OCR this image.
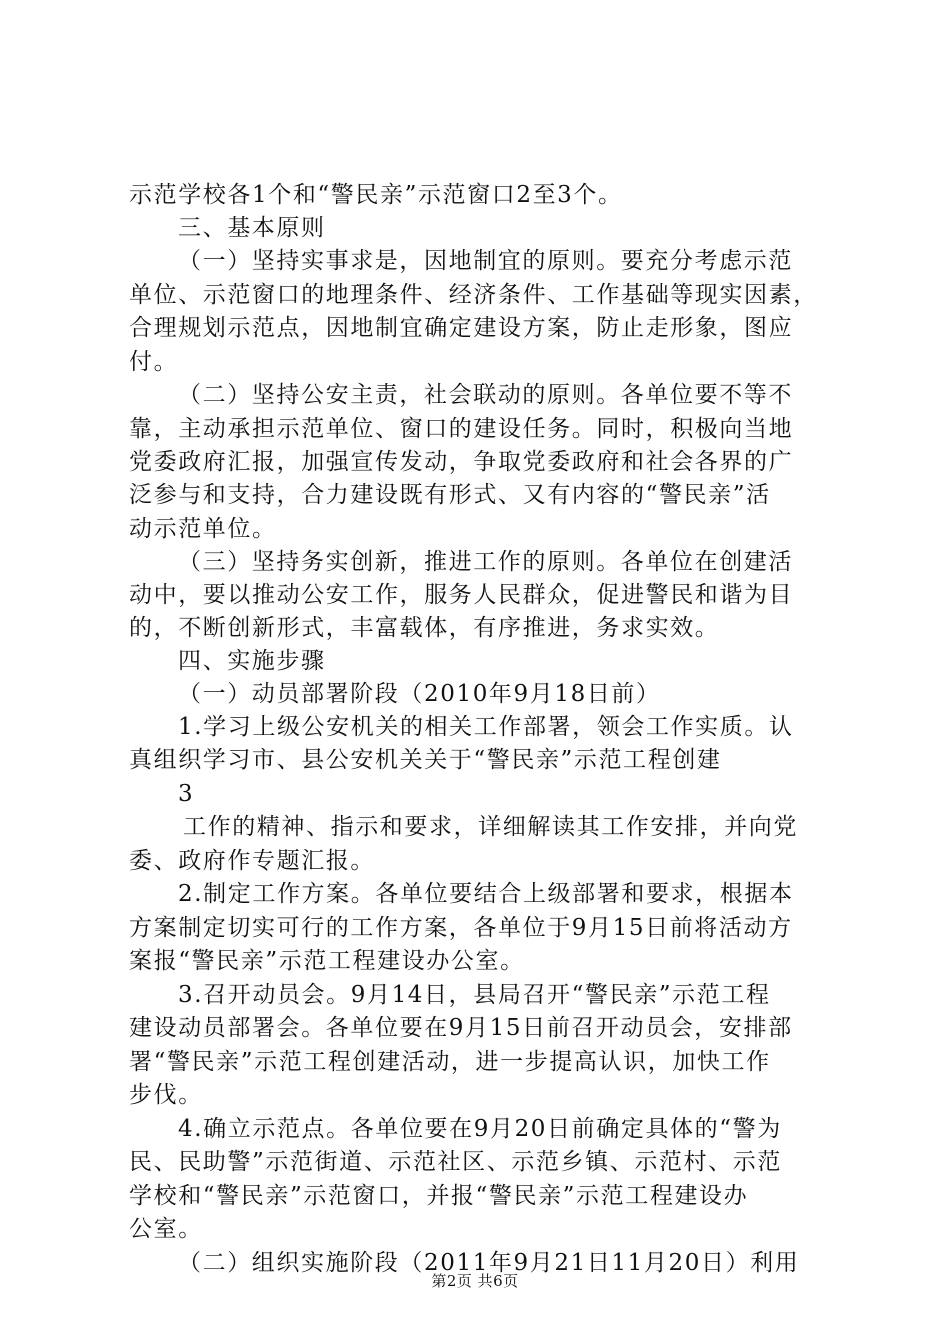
示范学校各1个和“警民亲”示范窗口2至3个。
三、基本原则
（一）坚持实事求是，因地制宜的原则。要充分考虑示范
单位、示范窗口的地理条件、经济条件、工作基础等现实因素，
合理规划示范点，因地制宜确定建设方案，防止走形象，图应
付。
（二）坚持公安主责，社会联动的原则。各单位要不等不
靠，主动承担示范单位、窗口的建设任务。同时，积极向当地
党委政府汇报，加强宣传发动，争取党委政府和社会各界的广
泛参与和支持，合力建设既有形式、又有内容的“警民亲”活
动示范单位。
（三）坚持务实创新，推进工作的原则。各单位在创建活
动中，要以推动公安工作，服务人民群众，促进警民和谐为目
的，不断创新形式，丰富载体，有序推进，务求实效。
四、实施步骤
（一）动员部署阶段（2010年9月18日前）
1.学习上级公安机关的相关工作部署，领会工作实质。认
真组织学习市、县公安机关关于“警民亲”示范工程创建
3
工作的精神、指示和要求，详细解读其工作安排，并向党
委、政府作专题汇报。
2.制定工作方案。各单位要结合上级部署和要求，根据本
方案制定切实可行的工作方案，各单位于9月15日前将活动方
案报“警民亲”示范工程建设办公室。
3.召开动员会。9月14日，县局召开“警民亲”示范工程
建设动员部署会。各单位要在9月15日前召开动员会，安排部
署“警民亲”示范工程创建活动，进一步提高认识，加快工作
步伐。
4.确立示范点。各单位要在9月20日前确定具体的“警为
民、民助警”示范街道、示范社区、示范乡镇、示范村、示范
学校和“警民亲”示范窗口，并报“警民亲”示范工程建设办
公室。
（二）组织实施阶段（2011年9月21日11月20日）利用
第2页 共6页
